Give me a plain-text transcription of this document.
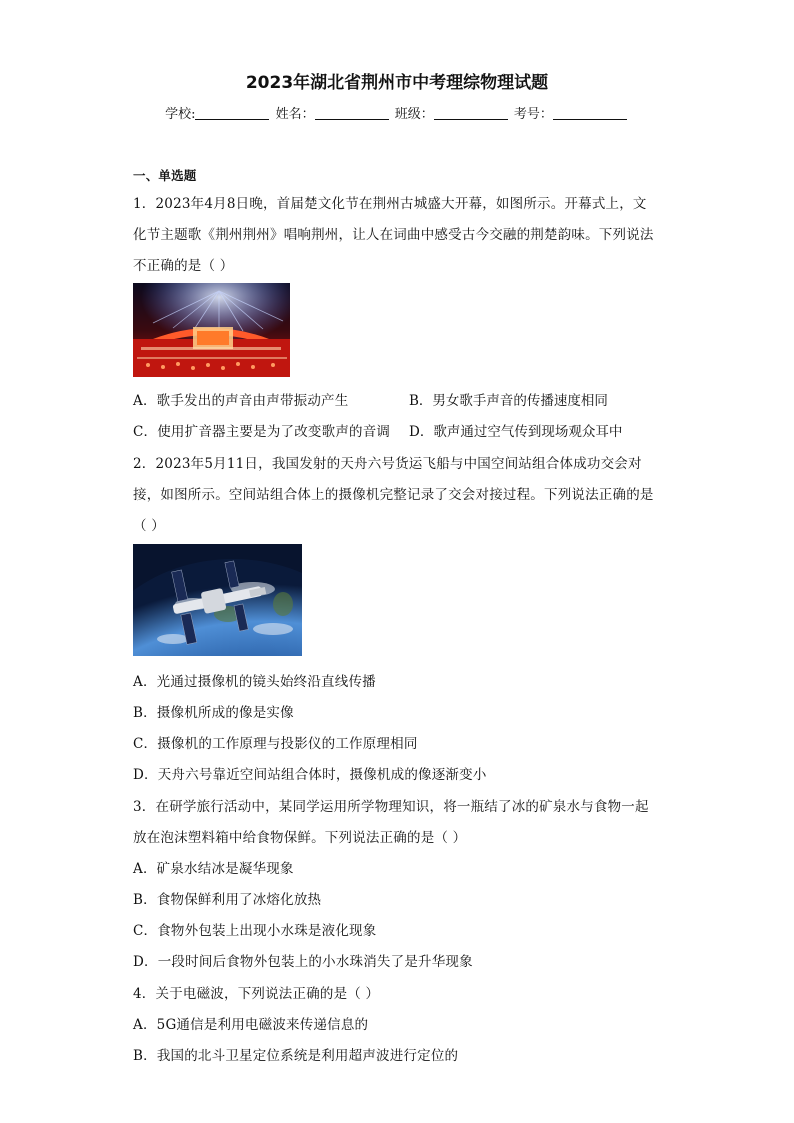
2023年湖北省荆州市中考理综物理试题
学校:	姓名：	班级：	考号：
一、单选题
1．2023年4月8日晚，首届楚文化节在荆州古城盛大开幕，如图所示。开幕式上，文
化节主题歌《荆州荆州》唱响荆州，让人在词曲中感受古今交融的荆楚韵味。下列说法
不正确的是（ ）
A．歌手发出的声音由声带振动产生	B．男女歌手声音的传播速度相同
C．使用扩音器主要是为了改变歌声的音调 D．歌声通过空气传到现场观众耳中
2．2023年5月11日，我国发射的天舟六号货运飞船与中国空间站组合体成功交会对
接，如图所示。空间站组合体上的摄像机完整记录了交会对接过程。下列说法正确的是
（ ）
A．光通过摄像机的镜头始终沿直线传播
B．摄像机所成的像是实像
C．摄像机的工作原理与投影仪的工作原理相同
D．天舟六号靠近空间站组合体时，摄像机成的像逐渐变小
3．在研学旅行活动中，某同学运用所学物理知识，将一瓶结了冰的矿泉水与食物一起
放在泡沫塑料箱中给食物保鲜。下列说法正确的是（ ）
A．矿泉水结冰是凝华现象
B．食物保鲜利用了冰熔化放热
C．食物外包装上出现小水珠是液化现象
D．一段时间后食物外包装上的小水珠消失了是升华现象
4．关于电磁波，下列说法正确的是（ ）
A．5G通信是利用电磁波来传递信息的
B．我国的北斗卫星定位系统是利用超声波进行定位的
